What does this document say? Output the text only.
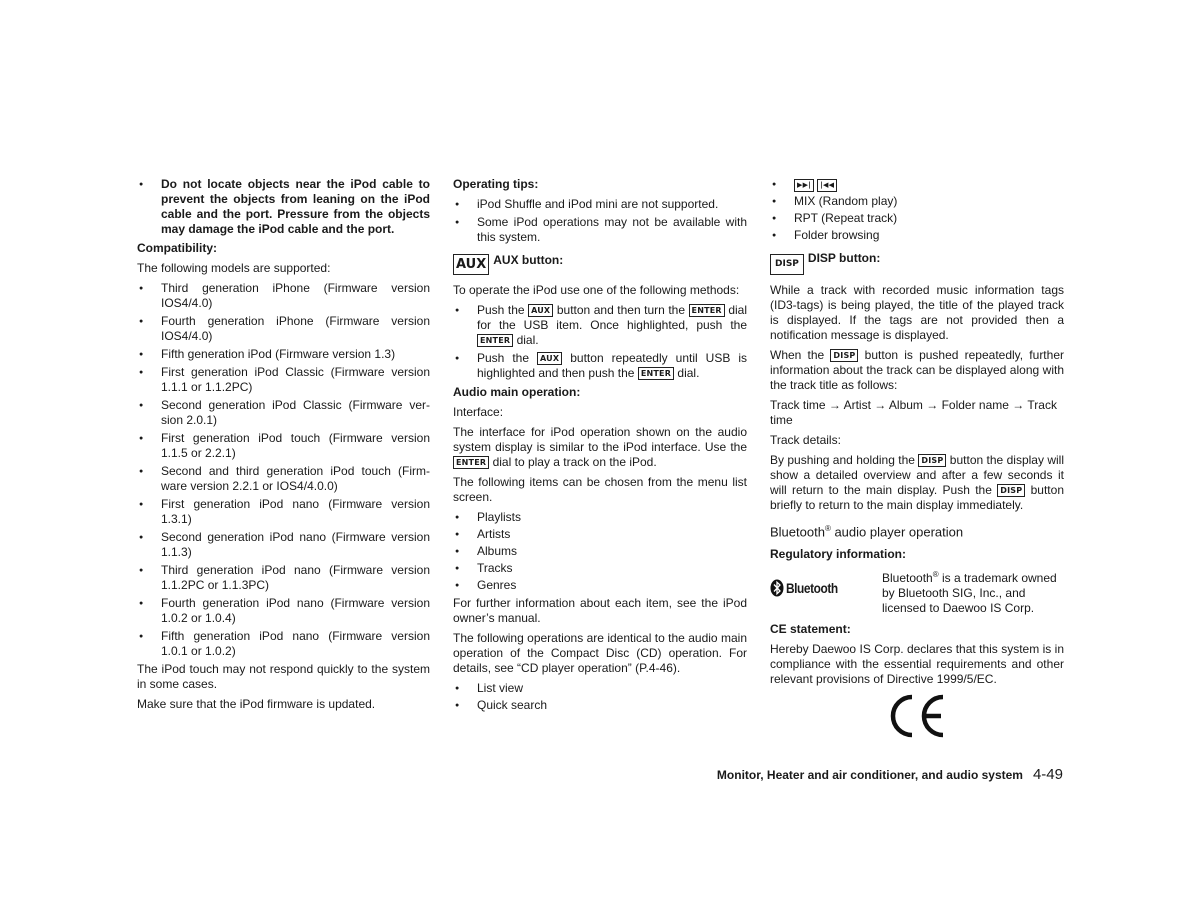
● Do not locate objects near the iPod cable to prevent the objects from leaning on the iPod cable and the port. Pressure from the objects may damage the iPod cable and the port.
Compatibility:

The following models are supported:

● Third generation iPhone (Firmware version IOS4/4.0)
● Fourth generation iPhone (Firmware version IOS4/4.0)
● Fifth generation iPod (Firmware version 1.3)
● First generation iPod Classic (Firmware version 1.1.1 or 1.1.2PC)
● Second generation iPod Classic (Firmware ver-sion 2.0.1)
● First generation iPod touch (Firmware version 1.1.5 or 2.2.1)
● Second and third generation iPod touch (Firm-ware version 2.2.1 or IOS4/4.0.0)
● First generation iPod nano (Firmware version 1.3.1)
● Second generation iPod nano (Firmware version 1.1.3)
● Third generation iPod nano (Firmware version 1.1.2PC or 1.1.3PC)
● Fourth generation iPod nano (Firmware version 1.0.2 or 1.0.4)
● Fifth generation iPod nano (Firmware version 1.0.1 or 1.0.2)

The iPod touch may not respond quickly to the system in some cases.

Make sure that the iPod firmware is updated.

Operating tips:
● iPod Shuffle and iPod mini are not supported.
● Some iPod operations may not be available with this system.
AUX AUX button:

To operate the iPod use one of the following methods:

● Push the AUX button and then turn the ENTER dial for the USB item. Once highlighted, push the ENTER dial.
● Push the AUX button repeatedly until USB is highlighted and then push the ENTER dial.
Audio main operation:

Interface:

The interface for iPod operation shown on the audio system display is similar to the iPod interface. Use the ENTER dial to play a track on the iPod.

The following items can be chosen from the menu list screen.

● Playlists
● Artists
● Albums
● Tracks
● Genres

For further information about each item, see the iPod owner’s manual.

The following operations are identical to the audio main operation of the Compact Disc (CD) operation. For details, see “CD player operation” (P.4-46).

● List view
● Quick search
● ▶▶| |◀◀
● MIX (Random play)
● RPT (Repeat track)
● Folder browsing
DISP DISP button:

While a track with recorded music information tags (ID3-tags) is being played, the title of the played track is displayed. If the tags are not provided then a notification message is displayed.

When the DISP button is pushed repeatedly, further information about the track can be displayed along with the track title as follows:

Track time → Artist → Album → Folder name → Track time

Track details:

By pushing and holding the DISP button the display will show a detailed overview and after a few seconds it will return to the main display. Push the DISP button briefly to return to the main display immediately.

Bluetooth® audio player operation
Regulatory information:
Bluetooth
Bluetooth® is a trademark owned by Bluetooth SIG, Inc., and licensed to Daewoo IS Corp.
CE statement:

Hereby Daewoo IS Corp. declares that this system is in compliance with the essential requirements and other relevant provisions of Directive 1999/5/EC.

Monitor, Heater and air conditioner, and audio system 4-49
